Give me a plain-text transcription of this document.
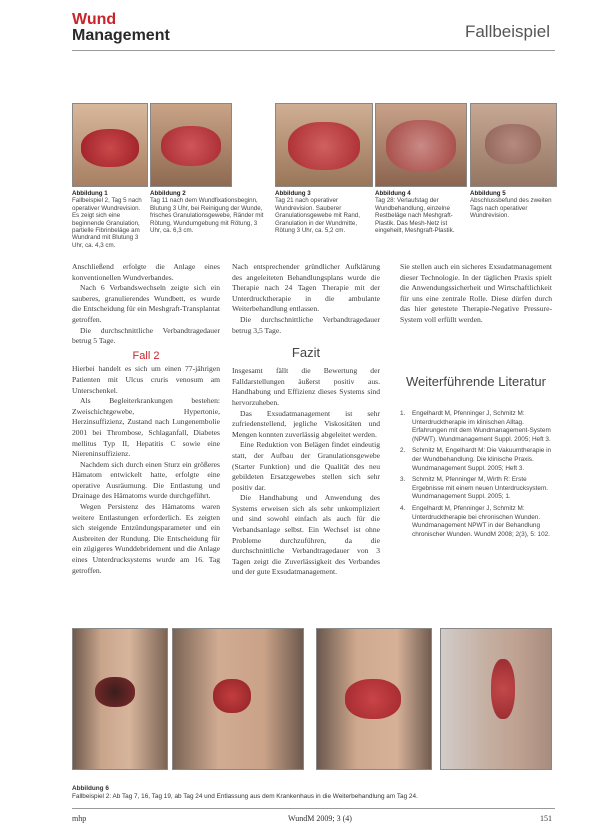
Wund
Management	Fallbeispiel
Abbildung 1
Fallbeispiel 2, Tag 5 nach operativer Wundrevision. Es zeigt sich eine beginnende Granulation, partielle Fibrinbeläge am Wundrand mit Blutung 3 Uhr, ca. 4,3 cm.
Abbildung 2
Tag 11 nach dem Wundfixationsbeginn, Blutung 3 Uhr, bei Reinigung der Wunde, frisches Granulationsgewebe, Ränder mit Rötung, Wundumgebung mit Rötung, 3 Uhr, ca. 6,3 cm.
Abbildung 3
Tag 21 nach operativer Wundrevision. Sauberer Granulationsgewebe mit Rand, Granulation in der Wundmitte, Rötung 3 Uhr, ca. 5,2 cm.
Abbildung 4
Tag 28: Verlaufstag der Wundbehandlung, einzelne Restbeläge nach Meshgraft-Plastik. Das Mesh-Netz ist eingeheilt, Meshgraft-Plastik.
Abbildung 5
Abschlussbefund des zweiten Tags nach operativer Wundrevision.

Anschließend erfolgte die Anlage eines konventionellen Wundverbandes.

Nach 6 Verbandswechseln zeigte sich ein sauberes, granulierendes Wundbett, es wurde die Entscheidung für ein Meshgraft-Transplantat getroffen.

Die durchschnittliche Verbandtragedauer betrug 5 Tage.

Fall 2

Hierbei handelt es sich um einen 77-jährigen Patienten mit Ulcus cruris venosum am Unterschenkel.

Als Begleiterkrankungen bestehen: Zweischichtgewebe, Hypertonie, Herzinsuffizienz, Zustand nach Lungenembolie 2001 bei Thrombose, Schlaganfall, Diabetes mellitus Typ II, Hepatitis C sowie eine Niereninsuffizienz.

Nachdem sich durch einen Sturz ein größeres Hämatom entwickelt hatte, erfolgte eine operative Ausräumung. Die Entlastung und Drainage des Hämatoms wurde durchgeführt.

Wegen Persistenz des Hämatoms waren weitere Entlastungen erforderlich. Es zeigten sich steigende Entzündungsparameter und ein Ausbreiten der Rundung. Die Entscheidung für ein zügigeres Wunddebridement und die Anlage eines Unterdrucksystems wurde am 16. Tag getroffen.

Nach entsprechender gründlicher Aufklärung des angeleiteten Behandlungsplans wurde die Therapie nach 24 Tagen Therapie mit der Unterdrucktherapie in die ambulante Weiterbehandlung entlassen.

Die durchschnittliche Verbandtragedauer betrug 3,5 Tage.

Fazit

Insgesamt fällt die Bewertung der Falldarstellungen äußerst positiv aus. Handhabung und Effizienz dieses Systems sind hervorzuheben.

Das Exsudatmanagement ist sehr zufriedenstellend, jegliche Viskositäten und Mengen konnten zuverlässig abgeleitet werden.

Eine Reduktion von Belägen findet eindeutig statt, der Aufbau der Granulationsgewebe (Starter Funktion) und die Qualität des neu gebildeten Ersatzgewebes stellen sich sehr positiv dar.

Die Handhabung und Anwendung des Systems erweisen sich als sehr unkompliziert und sind sowohl einfach als auch für die Verbandsanlage selbst. Ein Wechsel ist ohne Probleme durchzuführen, da die durchschnittliche Verbandtragedauer von 3 Tagen zeigt die Zuverlässigkeit des Verbandes und der gute Exsudatmanagement.

Sie stellen auch ein sicheres Exsudatmanagement dieser Technologie. In der täglichen Praxis spielt die Anwendungssicherheit und Wirtschaftlichkeit für uns eine zentrale Rolle. Diese dürfen durch das hier getestete Therapie-Negative Pressure-System voll erfüllt werden.

Weiterführende Literatur
1.	Engelhardt M, Pfenninger J, Schmitz M: Unterdrucktherapie im klinischen Alltag. Erfahrungen mit dem Wundmanagement-System (NPWT). Wundmanagement Suppl. 2005; Heft 3.
2.	Schmitz M, Engelhardt M: Die Vakuumtherapie in der Wundbehandlung. Die klinische Praxis. Wundmanagement Suppl. 2005; Heft 3.
3.	Schmitz M, Pfenninger M, Wirth R: Erste Ergebnisse mit einem neuen Unterdrucksystem. Wundmanagement Suppl. 2005; 1.
4.	Engelhardt M, Pfenninger J, Schmitz M: Unterdrucktherapie bei chronischen Wunden. Wundmanagement NPWT in der Behandlung chronischer Wunden. WundM 2008; 2(3), 5: 102.
Abbildung 6
Fallbeispiel 2: Ab Tag 7, 16, Tag 19, ab Tag 24 und Entlassung aus dem Krankenhaus in die Weiterbehandlung am Tag 24.
mhp	WundM 2009; 3 (4)	151
